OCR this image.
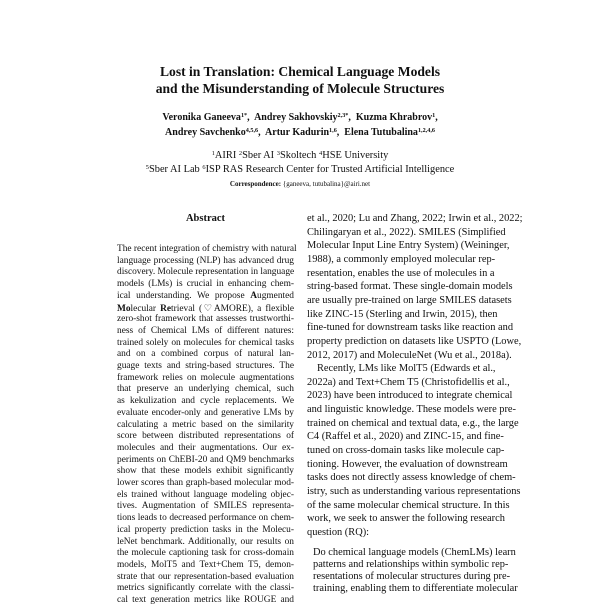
Lost in Translation: Chemical Language Models
and the Misunderstanding of Molecule Structures
Veronika Ganeeva$^{1*}$,  Andrey Sakhovskiy$^{2,3*}$,  Kuzma Khrabrov$^1$,
Andrey Savchenko$^{4,5,6}$,  Artur Kadurin$^{1,6}$,  Elena Tutubalina$^{1,2,4,6}$
$^1$AIRI $^2$Sber AI $^3$Skoltech $^4$HSE University
$^5$Sber AI Lab $^6$ISP RAS Research Center for Trusted Artificial Intelligence
Correspondence: {ganeeva, tutubalina}@airi.net
Abstract
The recent integration of chemistry with natural
language processing (NLP) has advanced drug
discovery. Molecule representation in language
models (LMs) is crucial in enhancing chem-
ical understanding. We propose Augmented
Molecular Retrieval (♡AMORE), a flexible
zero-shot framework that assesses trustworthi-
ness of Chemical LMs of different natures:
trained solely on molecules for chemical tasks
and on a combined corpus of natural lan-
guage texts and string-based structures. The
framework relies on molecule augmentations
that preserve an underlying chemical, such
as kekulization and cycle replacements. We
evaluate encoder-only and generative LMs by
calculating a metric based on the similarity
score between distributed representations of
molecules and their augmentations. Our ex-
periments on ChEBI-20 and QM9 benchmarks
show that these models exhibit significantly
lower scores than graph-based molecular mod-
els trained without language modeling objec-
tives. Augmentation of SMILES representa-
tions leads to decreased performance on chem-
ical property prediction tasks in the Molecu-
leNet benchmark. Additionally, our results on
the molecule captioning task for cross-domain
models, MolT5 and Text+Chem T5, demon-
strate that our representation-based evaluation
metrics significantly correlate with the classi-
cal text generation metrics like ROUGE and
et al., 2020; Lu and Zhang, 2022; Irwin et al., 2022;
Chilingaryan et al., 2022). SMILES (Simplified
Molecular Input Line Entry System) (Weininger,
1988), a commonly employed molecular rep-
resentation, enables the use of molecules in a
string-based format. These single-domain models
are usually pre-trained on large SMILES datasets
like ZINC-15 (Sterling and Irwin, 2015), then
fine-tuned for downstream tasks like reaction and
property prediction on datasets like USPTO (Lowe,
2012, 2017) and MoleculeNet (Wu et al., 2018a).
Recently, LMs like MolT5 (Edwards et al.,
2022a) and Text+Chem T5 (Christofidellis et al.,
2023) have been introduced to integrate chemical
and linguistic knowledge. These models were pre-
trained on chemical and textual data, e.g., the large
C4 (Raffel et al., 2020) and ZINC-15, and fine-
tuned on cross-domain tasks like molecule cap-
tioning. However, the evaluation of downstream
tasks does not directly assess knowledge of chem-
istry, such as understanding various representations
of the same molecular chemical structure. In this
work, we seek to answer the following research
question (RQ):
Do chemical language models (ChemLMs) learn
patterns and relationships within symbolic rep-
resentations of molecular structures during pre-
training, enabling them to differentiate molecular
